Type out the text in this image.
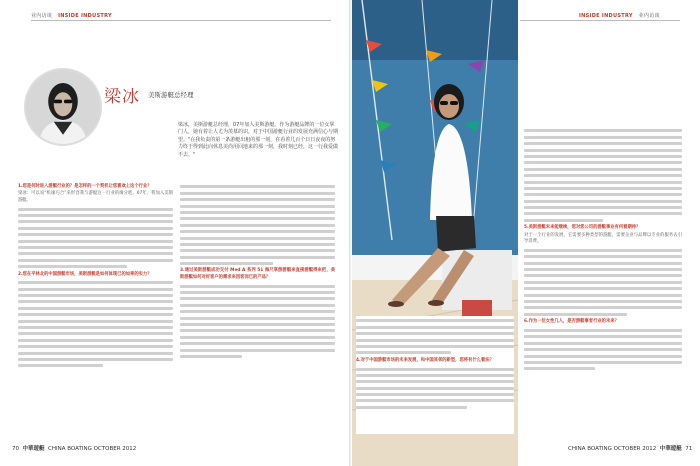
业内访谈 INSIDE INDUSTRY
梁冰 美斯游艇总经理
梁冰，美斯游艇总经理，07年加入美斯游艇。作为游艇品牌的一位女掌门人，她有着让人尤为羡慕的识，对于中国游艇行业的发展充满信心与期望。"在我负责的第一条游艇出租的那一刻，在看着几百个日日夜夜的努力终于得到此向休息美尚用回地来的那一刻，我时刻已经，这一行我爱做不去。"
1.您是何时进入游艇行业的？是怎样的一个契机让您喜欢上这个行业？

梁冰：可以说“机缘巧合”来形容我与游艇这一行业的缘分吧。07年，我加入美斯游艇。

2.您在平林北的中国游艇市场，美斯游艇是如何体现已的如果的实力？
3.通过美斯游艇成功交付 Med A 系列 51 海尺享游游艇来直接游艇得来把，美斯游艇如何对好客户的需求来因客而已的产品？
70 中華遊艇 CHINA BOATING OCTOBER 2012
INSIDE INDUSTRY 业内访谈
5.美斯游艇未来能继续，您对您公司的游艇事业有何看期待？

对于一个行业的发展，它需要多种类型的游艇，需要企业与品牌以专业的服务去引导消费。

6.作为一位女性几人，是否游艇事者行业的未来？
4.对于中国游艇市场的未来发展，和中国其邻的新型，您将有什么看法？
CHINA BOATING OCTOBER 2012 中華遊艇 71
